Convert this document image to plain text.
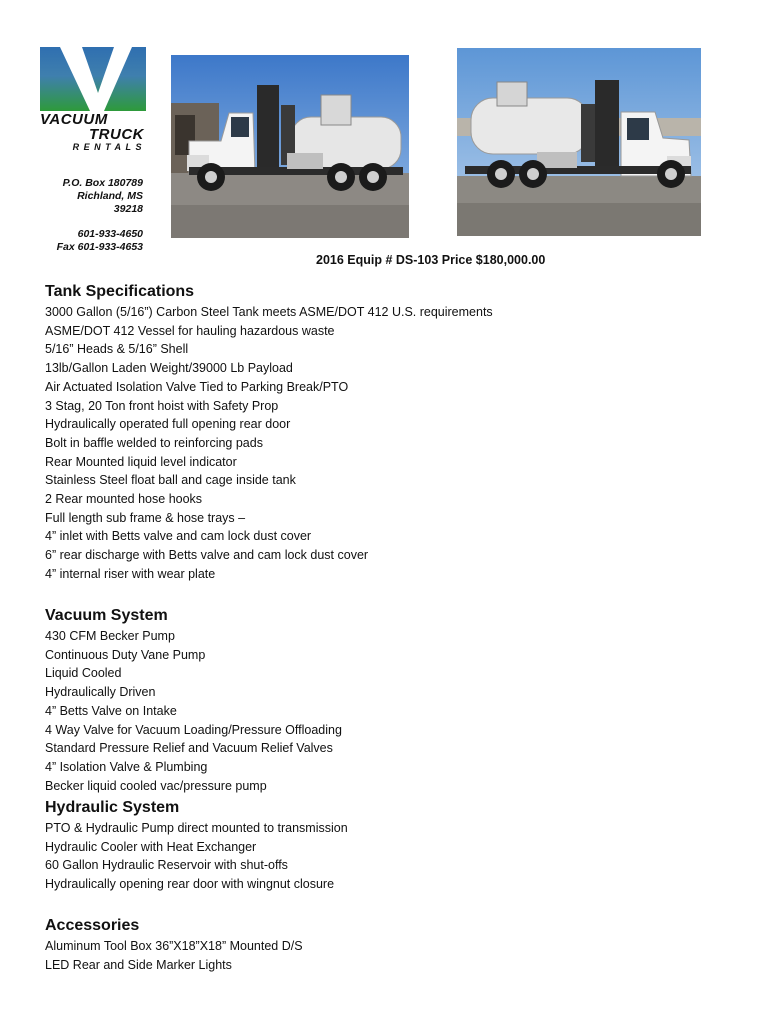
VACUUM
TRUCK
RENTALS
P.O. Box 180789
Richland, MS
39218
601-933-4650
Fax 601-933-4653
2016 Equip # DS-103 Price $180,000.00
Tank Specifications
3000 Gallon (5/16”) Carbon Steel Tank meets ASME/DOT 412 U.S. requirements
ASME/DOT 412 Vessel for hauling hazardous waste
5/16” Heads & 5/16” Shell
13lb/Gallon Laden Weight/39000 Lb Payload
Air Actuated Isolation Valve Tied to Parking Break/PTO
3 Stag, 20 Ton front hoist with Safety Prop
Hydraulically operated full opening rear door
Bolt in baffle welded to reinforcing pads
Rear Mounted liquid level indicator
Stainless Steel float ball and cage inside tank
2 Rear mounted hose hooks
Full length sub frame & hose trays –
4” inlet with Betts valve and cam lock dust cover
6” rear discharge with Betts valve and cam lock dust cover
4” internal riser with wear plate
Vacuum System
430 CFM Becker Pump
Continuous Duty Vane Pump
Liquid Cooled
Hydraulically Driven
4” Betts Valve on Intake
4 Way Valve for Vacuum Loading/Pressure Offloading
Standard Pressure Relief and Vacuum Relief Valves
4” Isolation Valve & Plumbing
Becker liquid cooled vac/pressure pump
Hydraulic System
PTO & Hydraulic Pump direct mounted to transmission
Hydraulic Cooler with Heat Exchanger
60 Gallon Hydraulic Reservoir with shut-offs
Hydraulically opening rear door with wingnut closure
Accessories
Aluminum Tool Box 36”X18”X18” Mounted D/S
LED Rear and Side Marker Lights
